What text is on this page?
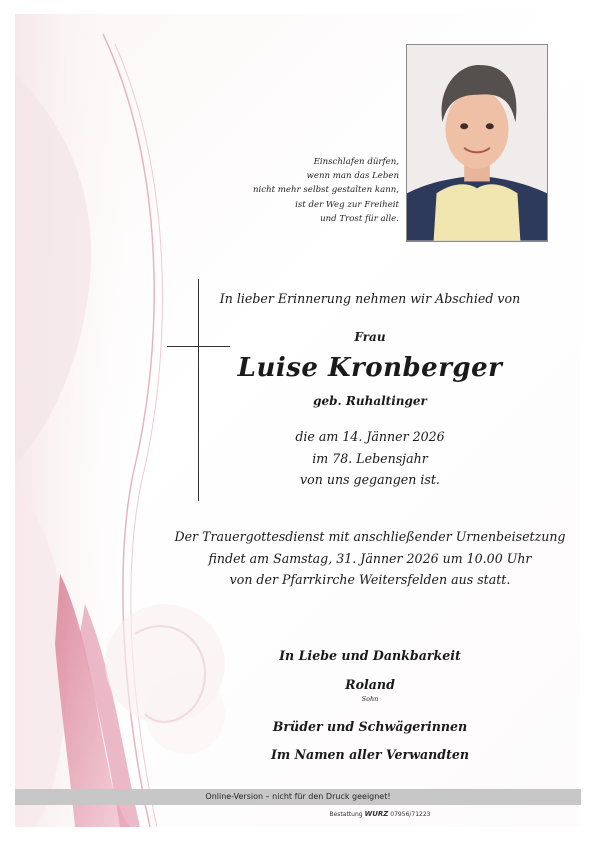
Einschlafen dürfen,
wenn man das Leben
nicht mehr selbst gestalten kann,
ist der Weg zur Freiheit
und Trost für alle.
In lieber Erinnerung nehmen wir Abschied von
Frau
Luise Kronberger
geb. Ruhaltinger
die am 14. Jänner 2026
im 78. Lebensjahr
von uns gegangen ist.
Der Trauergottesdienst mit anschließender Urnenbeisetzung
findet am Samstag, 31. Jänner 2026 um 10.00 Uhr
von der Pfarrkirche Weitersfelden aus statt.
In Liebe und Dankbarkeit
Roland
Sohn
Brüder und Schwägerinnen
Im Namen aller Verwandten
Online-Version – nicht für den Druck geeignet!
Bestattung WURZ 07956/71223
